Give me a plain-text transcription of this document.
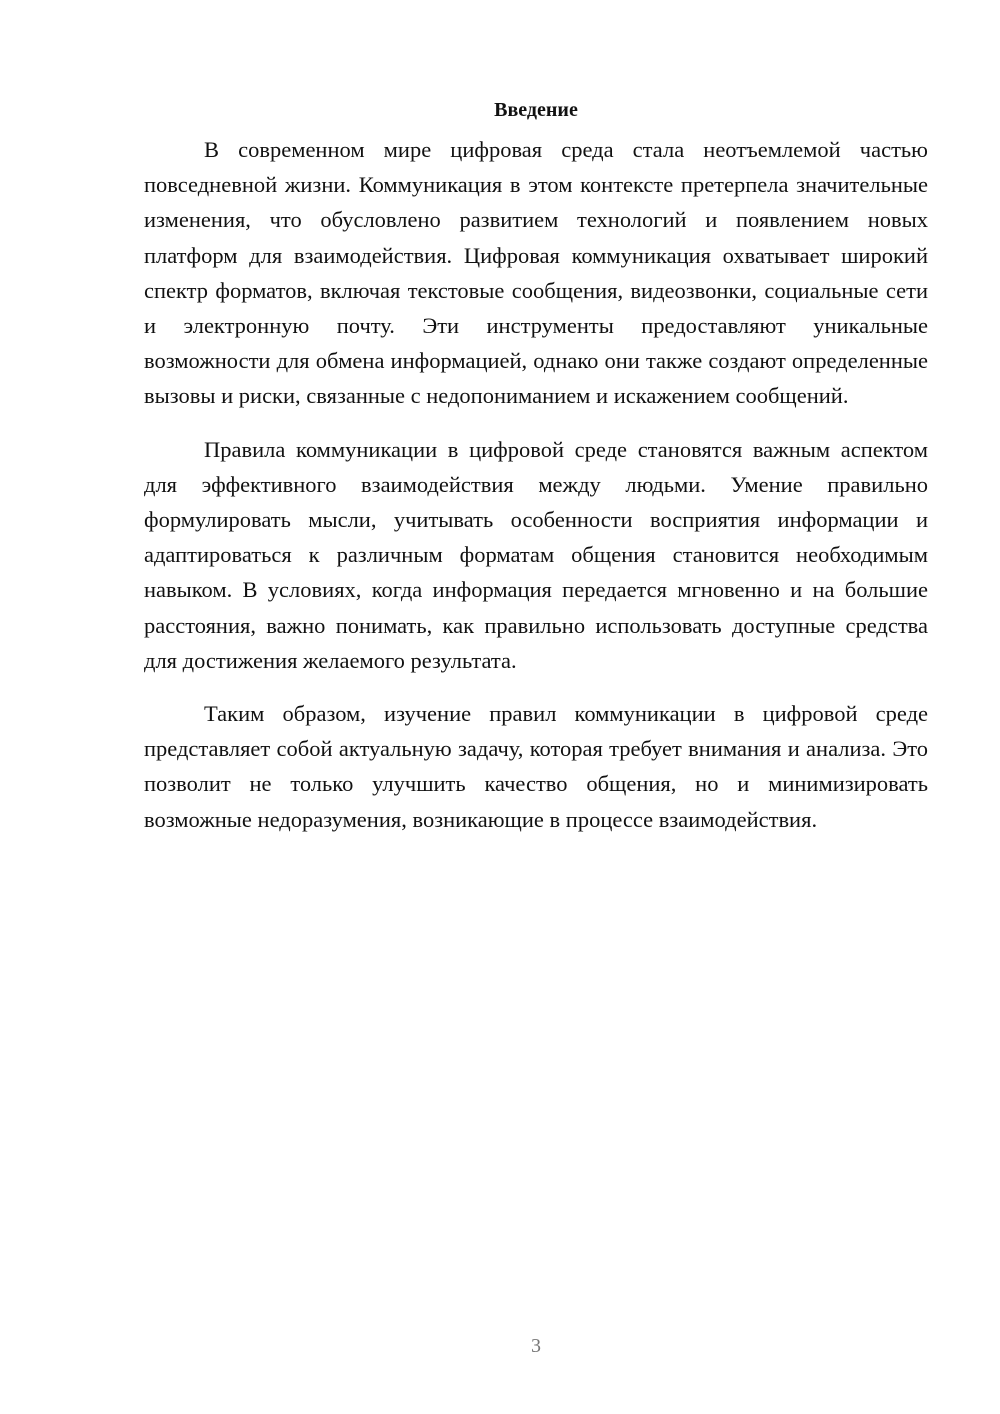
Введение

В современном мире цифровая среда стала неотъемлемой частью повседневной жизни. Коммуникация в этом контексте претерпела значительные изменения, что обусловлено развитием технологий и появлением новых платформ для взаимодействия. Цифровая коммуникация охватывает широкий спектр форматов, включая текстовые сообщения, видеозвонки, социальные сети и электронную почту. Эти инструменты предоставляют уникальные возможности для обмена информацией, однако они также создают определенные вызовы и риски, связанные с недопониманием и искажением сообщений.

Правила коммуникации в цифровой среде становятся важным аспектом для эффективного взаимодействия между людьми. Умение правильно формулировать мысли, учитывать особенности восприятия информации и адаптироваться к различным форматам общения становится необходимым навыком. В условиях, когда информация передается мгновенно и на большие расстояния, важно понимать, как правильно использовать доступные средства для достижения желаемого результата.

Таким образом, изучение правил коммуникации в цифровой среде представляет собой актуальную задачу, которая требует внимания и анализа. Это позволит не только улучшить качество общения, но и минимизировать возможные недоразумения, возникающие в процессе взаимодействия.

3
